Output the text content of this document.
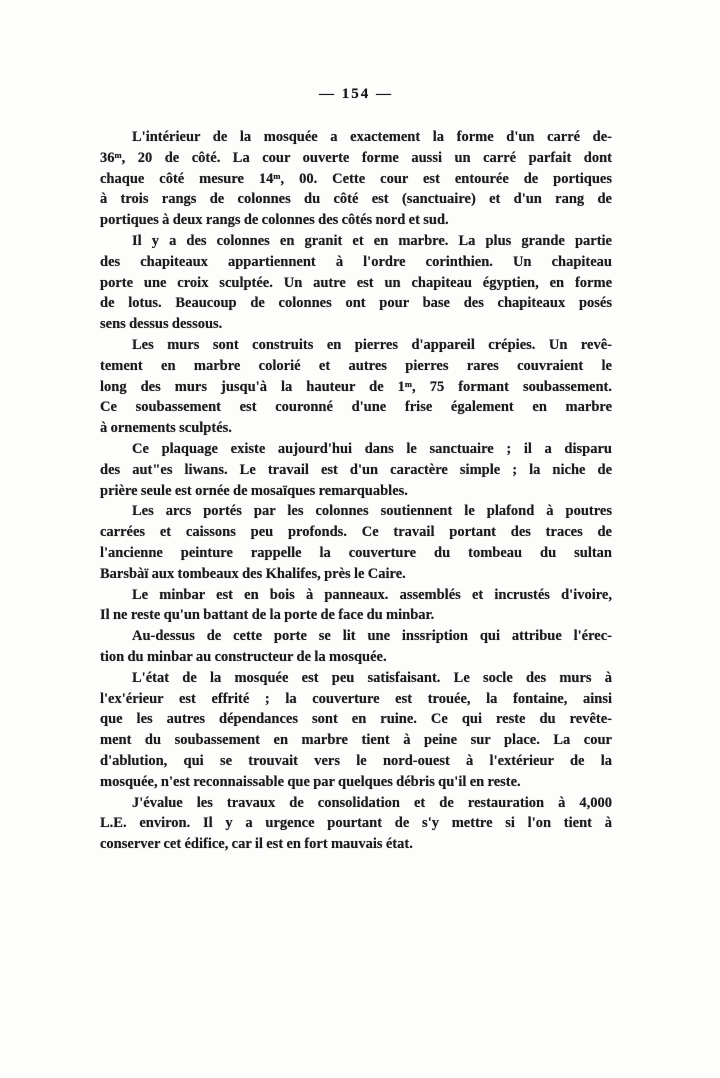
— 154 —
L'intérieur de la mosquée a exactement la forme d'un carré de-
36ᵐ, 20 de côté. La cour ouverte forme aussi un carré parfait dont
chaque côté mesure 14ᵐ, 00. Cette cour est entourée de portiques
à trois rangs de colonnes du côté est (sanctuaire) et d'un rang de
portiques à deux rangs de colonnes des côtés nord et sud.
Il y a des colonnes en granit et en marbre. La plus grande partie
des chapiteaux appartiennent à l'ordre corinthien. Un chapiteau
porte une croix sculptée. Un autre est un chapiteau égyptien, en forme
de lotus. Beaucoup de colonnes ont pour base des chapiteaux posés
sens dessus dessous.
Les murs sont construits en pierres d'appareil crépies. Un revê-
tement en marbre colorié et autres pierres rares couvraient le
long des murs jusqu'à la hauteur de 1ᵐ, 75 formant soubassement.
Ce soubassement est couronné d'une frise également en marbre
à ornements sculptés.
Ce plaquage existe aujourd'hui dans le sanctuaire ; il a disparu
des aut"es liwans. Le travail est d'un caractère simple ; la niche de
prière seule est ornée de mosaïques remarquables.
Les arcs portés par les colonnes soutiennent le plafond à poutres
carrées et caissons peu profonds. Ce travail portant des traces de
l'ancienne peinture rappelle la couverture du tombeau du sultan
Barsbàï aux tombeaux des Khalifes, près le Caire.
Le minbar est en bois à panneaux. assemblés et incrustés d'ivoire,
Il ne reste qu'un battant de la porte de face du minbar.
Au-dessus de cette porte se lit une inssription qui attribue l'érec-
tion du minbar au constructeur de la mosquée.
L'état de la mosquée est peu satisfaisant. Le socle des murs à
l'ex'érieur est effrité ; la couverture est trouée, la fontaine, ainsi
que les autres dépendances sont en ruine. Ce qui reste du revête-
ment du soubassement en marbre tient à peine sur place. La cour
d'ablution, qui se trouvait vers le nord-ouest à l'extérieur de la
mosquée, n'est reconnaissable que par quelques débris qu'il en reste.
J'évalue les travaux de consolidation et de restauration à 4,000
L.E. environ. Il y a urgence pourtant de s'y mettre si l'on tient à
conserver cet édifice, car il est en fort mauvais état.
